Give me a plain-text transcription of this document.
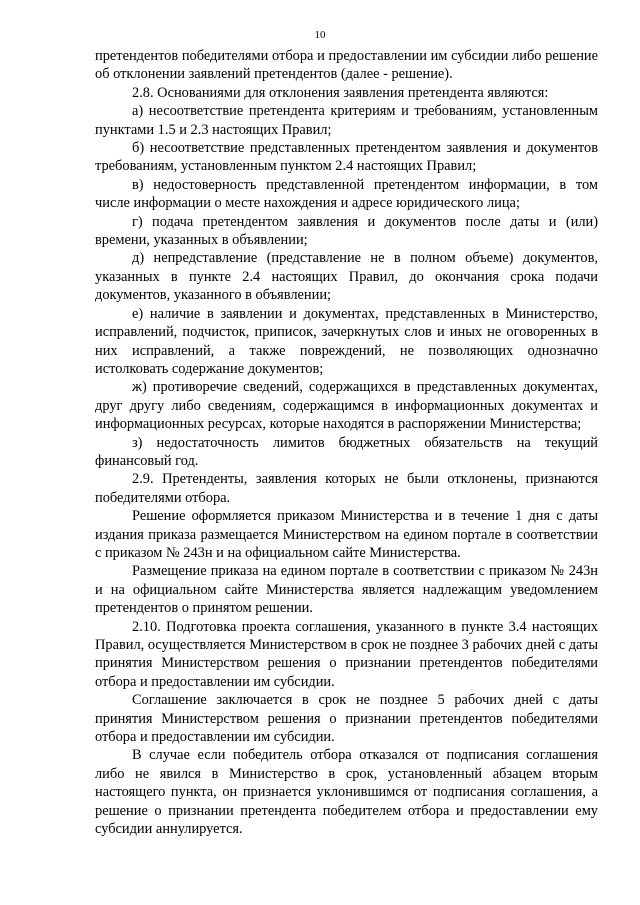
10

претендентов победителями отбора и предоставлении им субсидии либо решение об отклонении заявлений претендентов (далее - решение).

2.8. Основаниями для отклонения заявления претендента являются:

а) несоответствие претендента критериям и требованиям, установленным пунктами 1.5 и 2.3 настоящих Правил;

б) несоответствие представленных претендентом заявления и документов требованиям, установленным пунктом 2.4 настоящих Правил;

в) недостоверность представленной претендентом информации, в том числе информации о месте нахождения и адресе юридического лица;

г) подача претендентом заявления и документов после даты и (или) времени, указанных в объявлении;

д) непредставление (представление не в полном объеме) документов, указанных в пункте 2.4 настоящих Правил, до окончания срока подачи документов, указанного в объявлении;

е) наличие в заявлении и документах, представленных в Министерство, исправлений, подчисток, приписок, зачеркнутых слов и иных не оговоренных в них исправлений, а также повреждений, не позволяющих однозначно истолковать содержание документов;

ж) противоречие сведений, содержащихся в представленных документах, друг другу либо сведениям, содержащимся в информационных документах и информационных ресурсах, которые находятся в распоряжении Министерства;

з) недостаточность лимитов бюджетных обязательств на текущий финансовый год.

2.9. Претенденты, заявления которых не были отклонены, признаются победителями отбора.

Решение оформляется приказом Министерства и в течение 1 дня с даты издания приказа размещается Министерством на едином портале в соответствии с приказом № 243н и на официальном сайте Министерства.

Размещение приказа на едином портале в соответствии с приказом № 243н и на официальном сайте Министерства является надлежащим уведомлением претендентов о принятом решении.

2.10. Подготовка проекта соглашения, указанного в пункте 3.4 настоящих Правил, осуществляется Министерством в срок не позднее 3 рабочих дней с даты принятия Министерством решения о признании претендентов победителями отбора и предоставлении им субсидии.

Соглашение заключается в срок не позднее 5 рабочих дней с даты принятия Министерством решения о признании претендентов победителями отбора и предоставлении им субсидии.

В случае если победитель отбора отказался от подписания соглашения либо не явился в Министерство в срок, установленный абзацем вторым настоящего пункта, он признается уклонившимся от подписания соглашения, а решение о признании претендента победителем отбора и предоставлении ему субсидии аннулируется.
